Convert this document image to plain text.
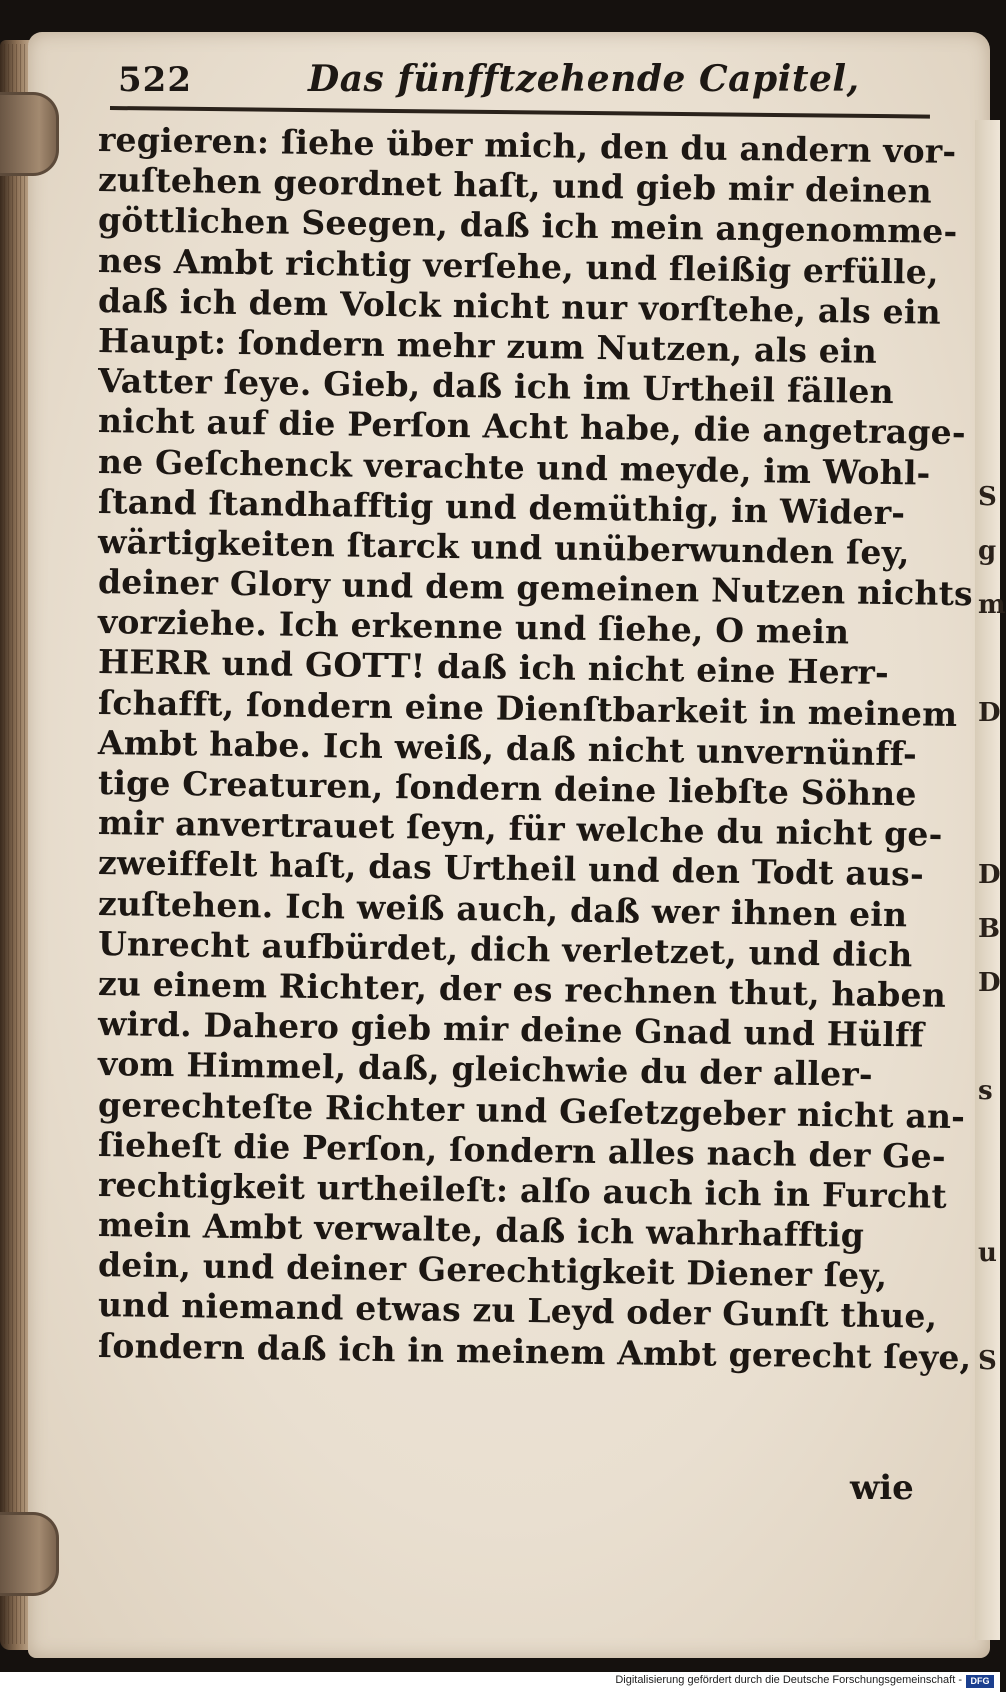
S
g
m

D

D
B
D

s

u

S
522	Das fünfftzehende Capitel,
regieren: ſiehe über mich, den du andern vor-
zuſtehen geordnet haſt, und gieb mir deinen
göttlichen Seegen, daß ich mein angenomme-
nes Ambt richtig verſehe, und fleißig erfülle,
daß ich dem Volck nicht nur vorſtehe, als ein
Haupt: ſondern mehr zum Nutzen, als ein
Vatter ſeye. Gieb, daß ich im Urtheil fällen
nicht auf die Perſon Acht habe, die angetrage-
ne Geſchenck verachte und meyde, im Wohl-
ſtand ſtandhafftig und demüthig, in Wider-
wärtigkeiten ſtarck und unüberwunden ſey,
deiner Glory und dem gemeinen Nutzen nichts
vorziehe. Ich erkenne und ſiehe, O mein
HERR und GOTT! daß ich nicht eine Herr-
ſchafft, ſondern eine Dienſtbarkeit in meinem
Ambt habe. Ich weiß, daß nicht unvernünff-
tige Creaturen, ſondern deine liebſte Söhne
mir anvertrauet ſeyn, für welche du nicht ge-
zweiffelt haſt, das Urtheil und den Todt aus-
zuſtehen. Ich weiß auch, daß wer ihnen ein
Unrecht aufbürdet, dich verletzet, und dich
zu einem Richter, der es rechnen thut, haben
wird. Dahero gieb mir deine Gnad und Hülff
vom Himmel, daß, gleichwie du der aller-
gerechteſte Richter und Geſetzgeber nicht an-
ſieheſt die Perſon, ſondern alles nach der Ge-
rechtigkeit urtheileſt: alſo auch ich in Furcht
mein Ambt verwalte, daß ich wahrhafftig
dein, und deiner Gerechtigkeit Diener ſey,
und niemand etwas zu Leyd oder Gunſt thue,
ſondern daß ich in meinem Ambt gerecht ſeye,
wie
Digitalisierung gefördert durch die Deutsche Forschungsgemeinschaft - DFG
